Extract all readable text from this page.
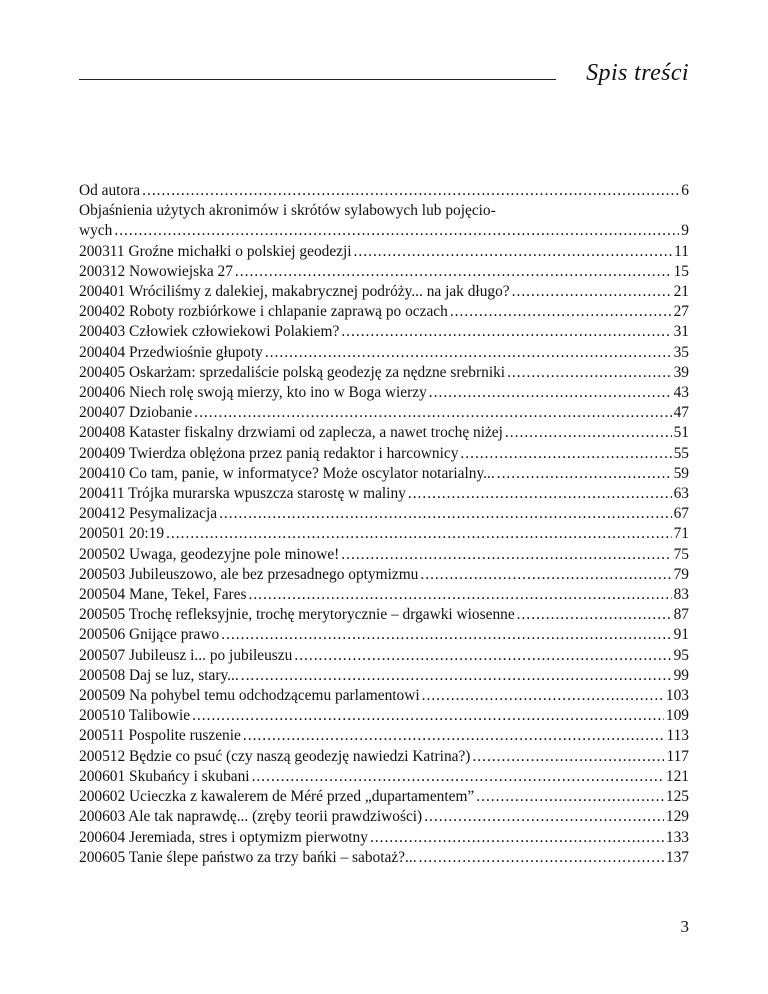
Spis treści
Od autora .....	6
Objaśnienia użytych akronimów i skrótów sylabowych lub pojęcio-
wych .....	9
200311 Groźne michałki o polskiej geodezji .....	11
200312 Nowowiejska 27 .....	15
200401 Wróciliśmy z dalekiej, makabrycznej podróży... na jak długo? .....	21
200402 Roboty rozbiórkowe i chlapanie zaprawą po oczach .....	27
200403 Człowiek człowiekowi Polakiem? .....	31
200404 Przedwiośnie głupoty .....	35
200405 Oskarżam: sprzedaliście polską geodezję za nędzne srebrniki .....	39
200406 Niech rolę swoją mierzy, kto ino w Boga wierzy .....	43
200407 Dziobanie .....	47
200408 Kataster fiskalny drzwiami od zaplecza, a nawet trochę niżej .....	51
200409 Twierdza oblężona przez panią redaktor i harcownicy .....	55
200410 Co tam, panie, w informatyce? Może oscylator notarialny... .....	59
200411 Trójka murarska wpuszcza starostę w maliny .....	63
200412 Pesymalizacja .....	67
200501 20:19 .....	71
200502 Uwaga, geodezyjne pole minowe! .....	75
200503 Jubileuszowo, ale bez przesadnego optymizmu .....	79
200504 Mane, Tekel, Fares .....	83
200505 Trochę refleksyjnie, trochę merytorycznie – drgawki wiosenne .....	87
200506 Gnijące prawo .....	91
200507 Jubileusz i... po jubileuszu .....	95
200508 Daj se luz, stary... .....	99
200509 Na pohybel temu odchodzącemu parlamentowi .....	103
200510 Talibowie .....	109
200511 Pospolite ruszenie .....	113
200512 Będzie co psuć (czy naszą geodezję nawiedzi Katrina?) .....	117
200601 Skubańcy i skubani .....	121
200602 Ucieczka z kawalerem de Méré przed „dupartamentem” .....	125
200603 Ale tak naprawdę... (zręby teorii prawdziwości) .....	129
200604 Jeremiada, stres i optymizm pierwotny .....	133
200605 Tanie ślepe państwo za trzy bańki – sabotaż?... .....	137
3
